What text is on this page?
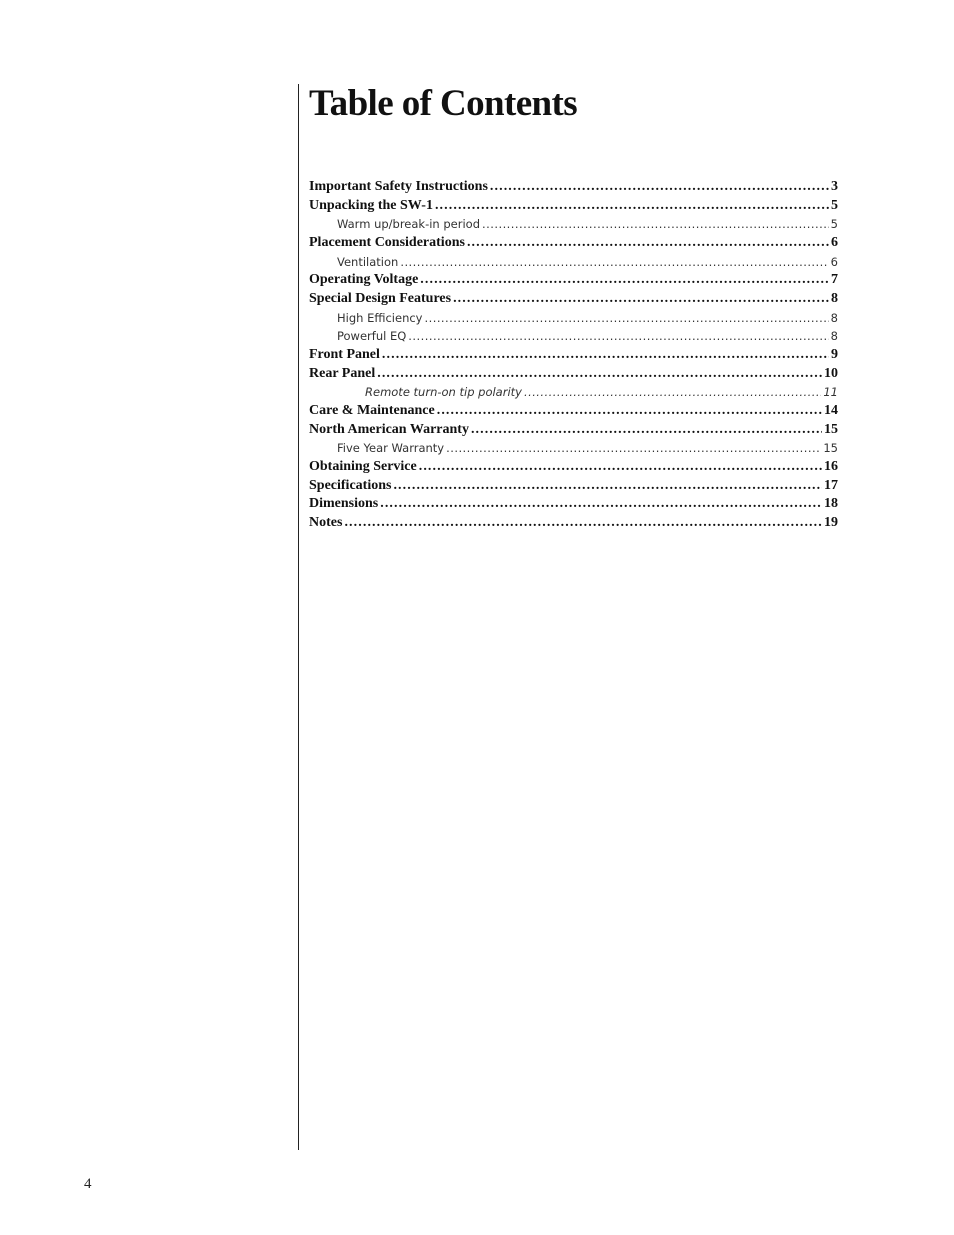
Table of Contents
Important Safety Instructions . . .	3
Unpacking the SW-1 . . .	5
Warm up/break-in period . . .	5
Placement Considerations . . .	6
Ventilation . . .	6
Operating Voltage . . .	7
Special Design Features . . .	8
High Efficiency . . .	8
Powerful EQ . . .	8
Front Panel . . .	9
Rear Panel . . .	10
Remote turn-on tip polarity . . .	11
Care & Maintenance . . .	14
North American Warranty . . .	15
Five Year Warranty . . .	15
Obtaining Service . . .	16
Specifications . . .	17
Dimensions . . .	18
Notes . . .	19
4
